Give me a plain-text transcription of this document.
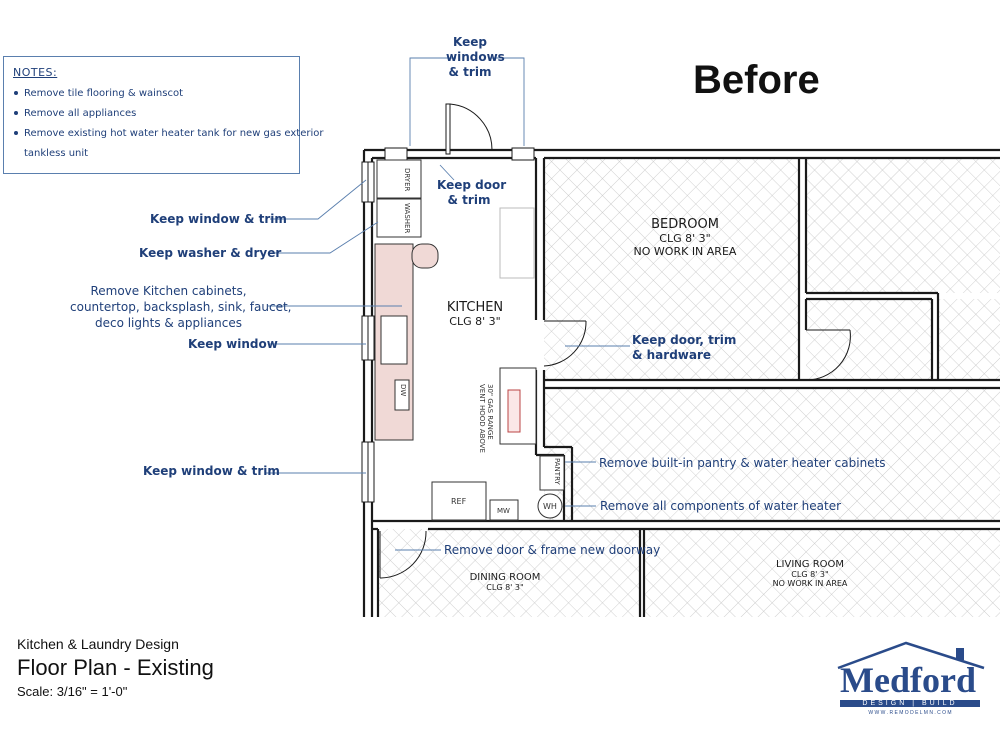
NOTES:
Remove tile flooring & wainscot
Remove all appliances
Remove existing hot water heater tank for new gas exterior
tankless unit
Before
Keep
windows
& trim
Keep door
& trim
Keep window & trim
Keep washer & dryer
Remove Kitchen cabinets,
countertop, backsplash, sink, faucet,
deco lights & appliances
Keep window
Keep window & trim
Keep door, trim
& hardware
Remove built-in pantry & water heater cabinets
Remove all components of water heater
Remove door & frame new doorway
BEDROOM
CLG 8' 3"
NO WORK IN AREA
KITCHEN
CLG 8' 3"
DINING ROOM
CLG 8' 3"
LIVING ROOM
CLG 8' 3"
NO WORK IN AREA
DRYER
WASHER
DW	30" GAS RANGE
VENT HOOD ABOVE
PANTRY
REF
MW	WH
Kitchen & Laundry Design
Floor Plan - Existing
Scale: 3/16" = 1'-0"	Medford
DESIGN | BUILD
W W W . R E M O D E L M N . C O M
